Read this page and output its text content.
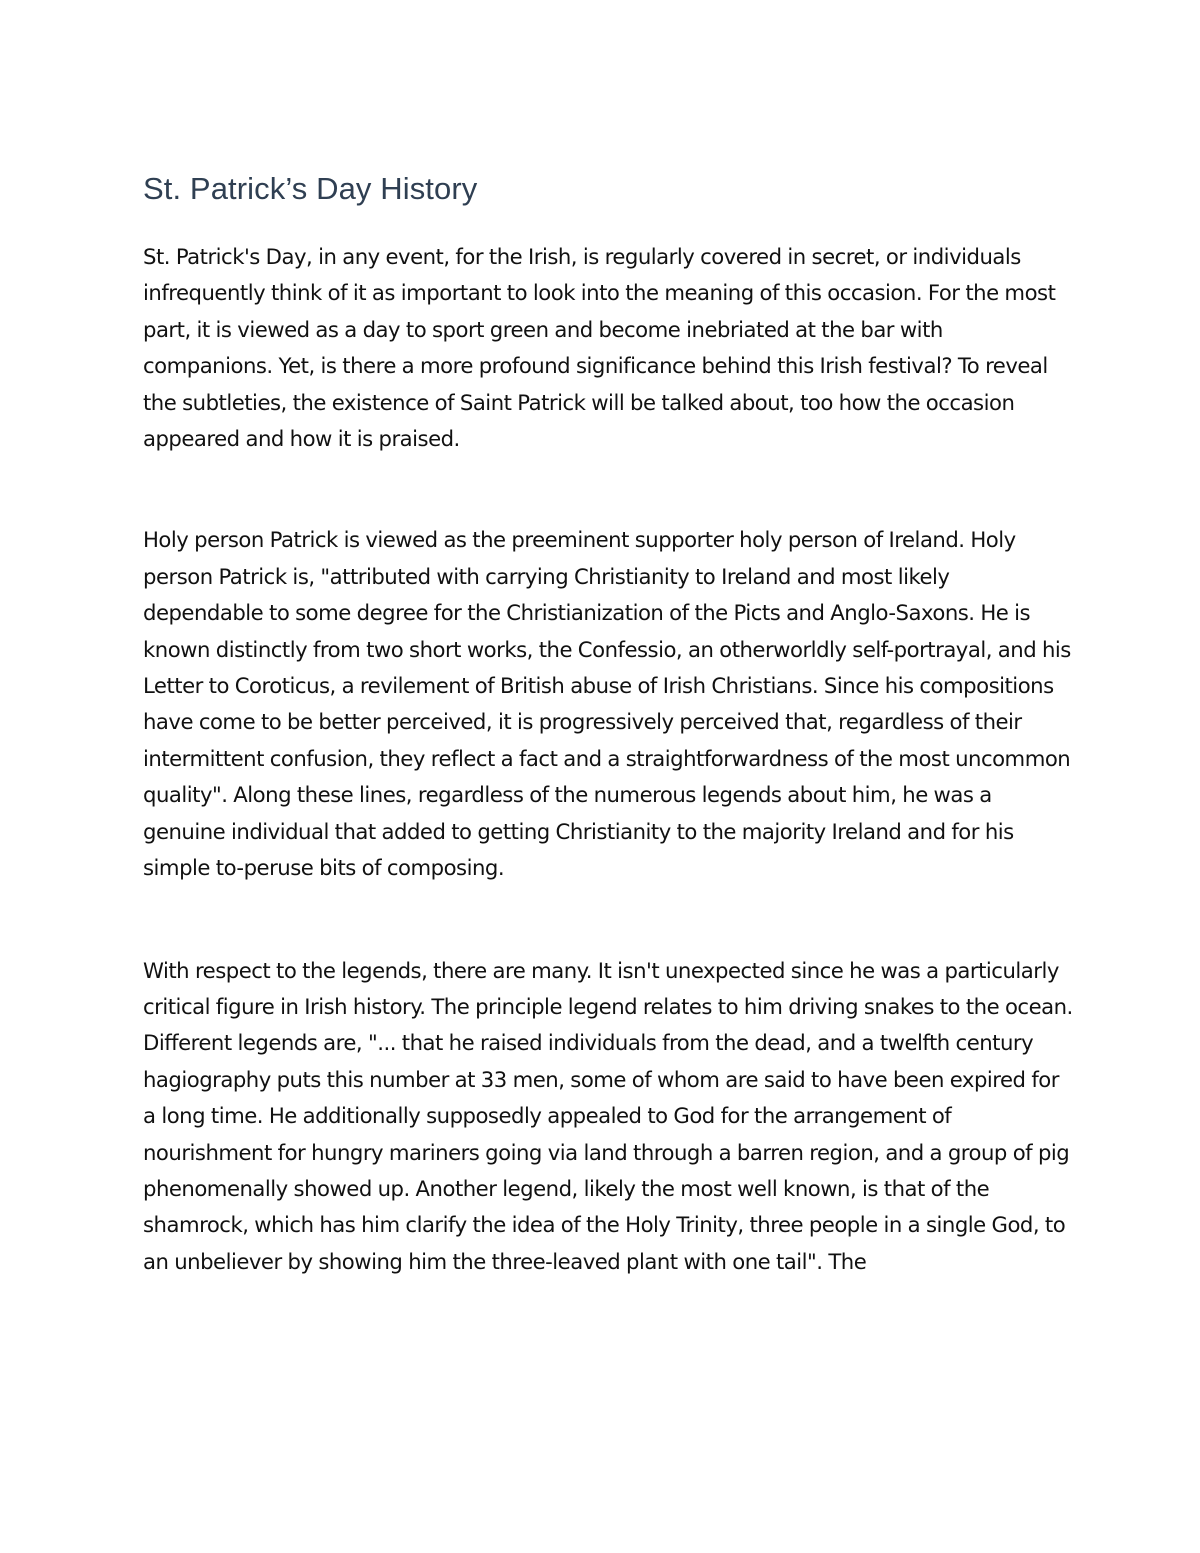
St. Patrick’s Day History

St. Patrick's Day, in any event, for the Irish, is regularly covered in secret, or individuals infrequently think of it as important to look into the meaning of this occasion. For the most part, it is viewed as a day to sport green and become inebriated at the bar with companions. Yet, is there a more profound significance behind this Irish festival? To reveal the subtleties, the existence of Saint Patrick will be talked about, too how the occasion appeared and how it is praised.

Holy person Patrick is viewed as the preeminent supporter holy person of Ireland. Holy person Patrick is, "attributed with carrying Christianity to Ireland and most likely dependable to some degree for the Christianization of the Picts and Anglo-Saxons. He is known distinctly from two short works, the Confessio, an otherworldly self-portrayal, and his Letter to Coroticus, a revilement of British abuse of Irish Christians. Since his compositions have come to be better perceived, it is progressively perceived that, regardless of their intermittent confusion, they reflect a fact and a straightforwardness of the most uncommon quality". Along these lines, regardless of the numerous legends about him, he was a genuine individual that added to getting Christianity to the majority Ireland and for his simple to-peruse bits of composing.

With respect to the legends, there are many. It isn't unexpected since he was a particularly critical figure in Irish history. The principle legend relates to him driving snakes to the ocean. Different legends are, "... that he raised individuals from the dead, and a twelfth century hagiography puts this number at 33 men, some of whom are said to have been expired for a long time. He additionally supposedly appealed to God for the arrangement of nourishment for hungry mariners going via land through a barren region, and a group of pig phenomenally showed up. Another legend, likely the most well known, is that of the shamrock, which has him clarify the idea of the Holy Trinity, three people in a single God, to an unbeliever by showing him the three-leaved plant with one tail". The
